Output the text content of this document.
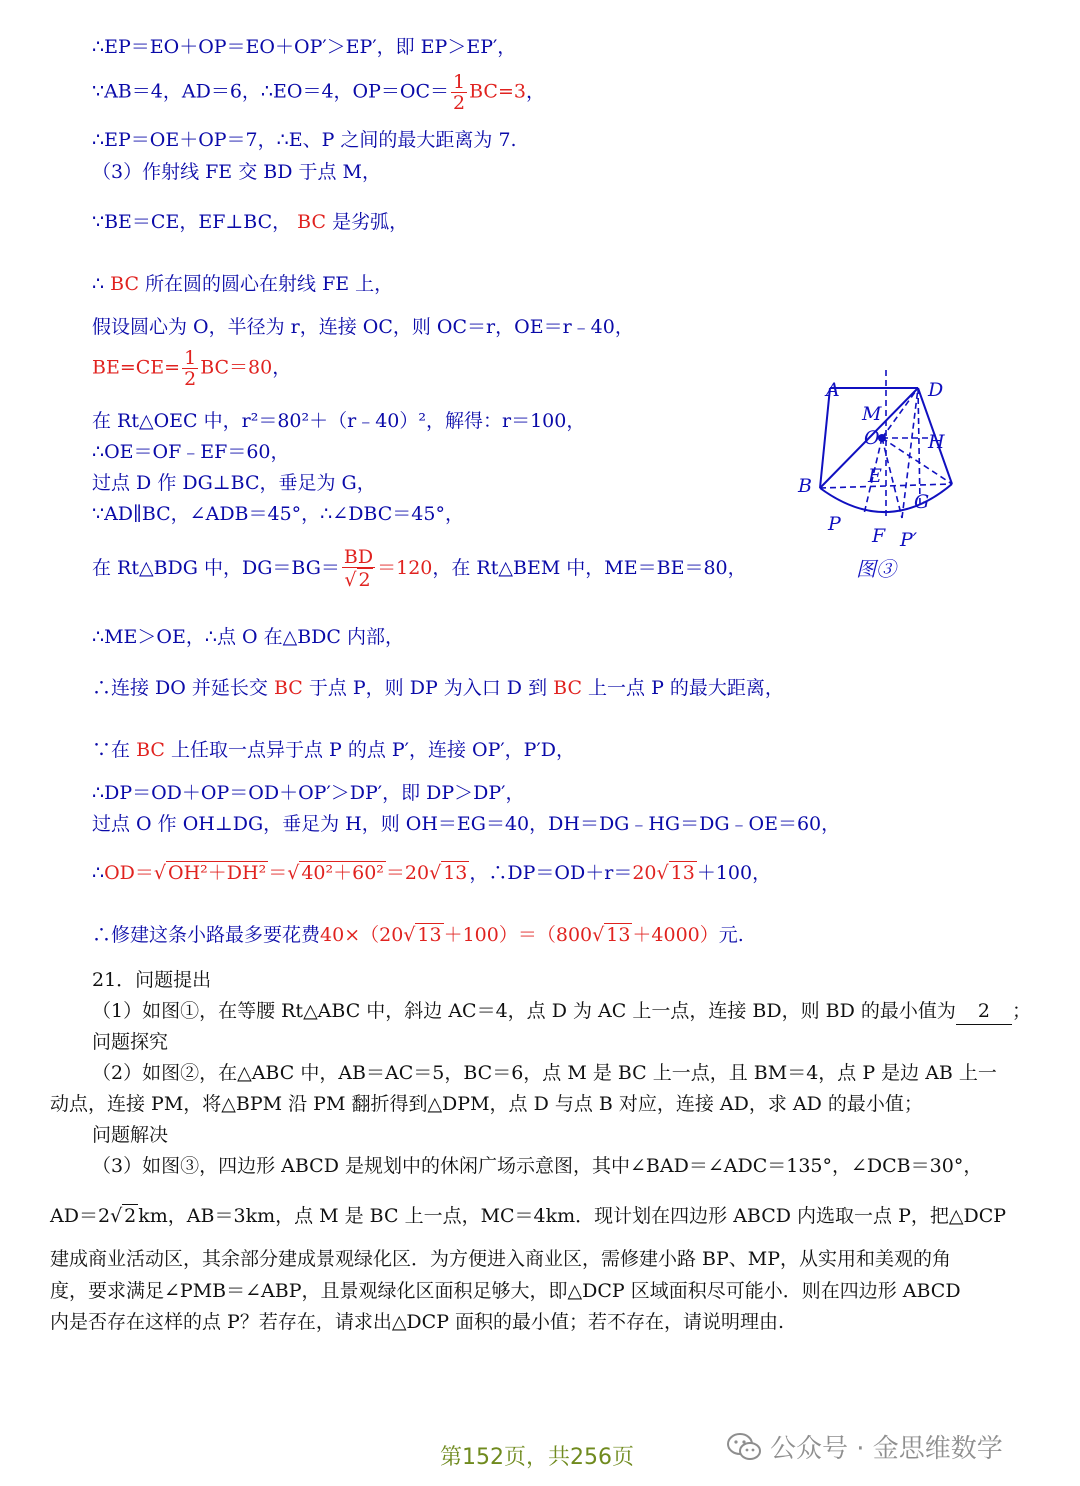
∴EP＝EO＋OP＝EO＋OP′＞EP′，即 EP＞EP′，
∵AB＝4，AD＝6，∴EO＝4，$OP=OC= \frac{1}{2} BC=3$，
∴EP＝OE＋OP＝7，∴E、P 之间的最大距离为 7.
（3）作射线 FE 交 BD 于点 M，
∵BE＝CE，EF⊥BC， BC 是劣弧，
∴ BC 所在圆的圆心在射线 FE 上，
假设圆心为 O，半径为 r，连接 OC，则 OC＝r，OE＝r﹣40，
$BE=CE= \frac{1}{2} BC=80$，
在 Rt△OEC 中，r²＝80²＋（r﹣40）²，解得：r＝100，
∴OE＝OF﹣EF＝60，
过点 D 作 DG⊥BC，垂足为 G，
∵AD∥BC，∠ADB＝45°，∴∠DBC＝45°，
在 Rt△BDG 中，$DG=BG= \frac{BD}{√ 2} =120$，在 Rt△BEM 中，ME＝BE＝80，
∴ME＞OE，∴点 O 在△BDC 内部，
∴连接 DO 并延长交 BC 于点 P，则 DP 为入口 D 到 BC 上一点 P 的最大距离，
∵在 BC 上任取一点异于点 P 的点 P′，连接 OP′，P′D，
∴DP＝OD＋OP＝OD＋OP′＞DP′，即 DP＞DP′，
过点 O 作 OH⊥DG，垂足为 H，则 OH＝EG＝40，DH＝DG﹣HG＝DG﹣OE＝60，
∴OD＝√ OH²＋DH² ＝√ 40²＋60² ＝20√ 13 ，∴DP＝OD＋r＝20√ 13 ＋100，
∴修建这条小路最多要花费40×（20√ 13 ＋100）＝（800√ 13 ＋4000）元.
21．问题提出
（1）如图①，在等腰 Rt△ABC 中，斜边 AC＝4，点 D 为 AC 上一点，连接 BD，则 BD 的最小值为 2 ；
问题探究
（2）如图②，在△ABC 中，AB＝AC＝5，BC＝6，点 M 是 BC 上一点，且 BM＝4，点 P 是边 AB 上一
动点，连接 PM，将△BPM 沿 PM 翻折得到△DPM，点 D 与点 B 对应，连接 AD，求 AD 的最小值；
问题解决
（3）如图③，四边形 ABCD 是规划中的休闲广场示意图，其中∠BAD＝∠ADC＝135°，∠DCB＝30°，
AD＝2√ 2 km，AB＝3km，点 M 是 BC 上一点，MC＝4km．现计划在四边形 ABCD 内选取一点 P，把△DCP
建成商业活动区，其余部分建成景观绿化区．为方便进入商业区，需修建小路 BP、MP，从实用和美观的角
度，要求满足∠PMB＝∠ABP，且景观绿化区面积足够大，即△DCP 区域面积尽可能小．则在四边形 ABCD
内是否存在这样的点 P？若存在，请求出△DCP 面积的最小值；若不存在，请说明理由.
A	D
M
O	H
E
B
G
P
F P′
图③
第152页，共256页	公众号 · 金思维数学
